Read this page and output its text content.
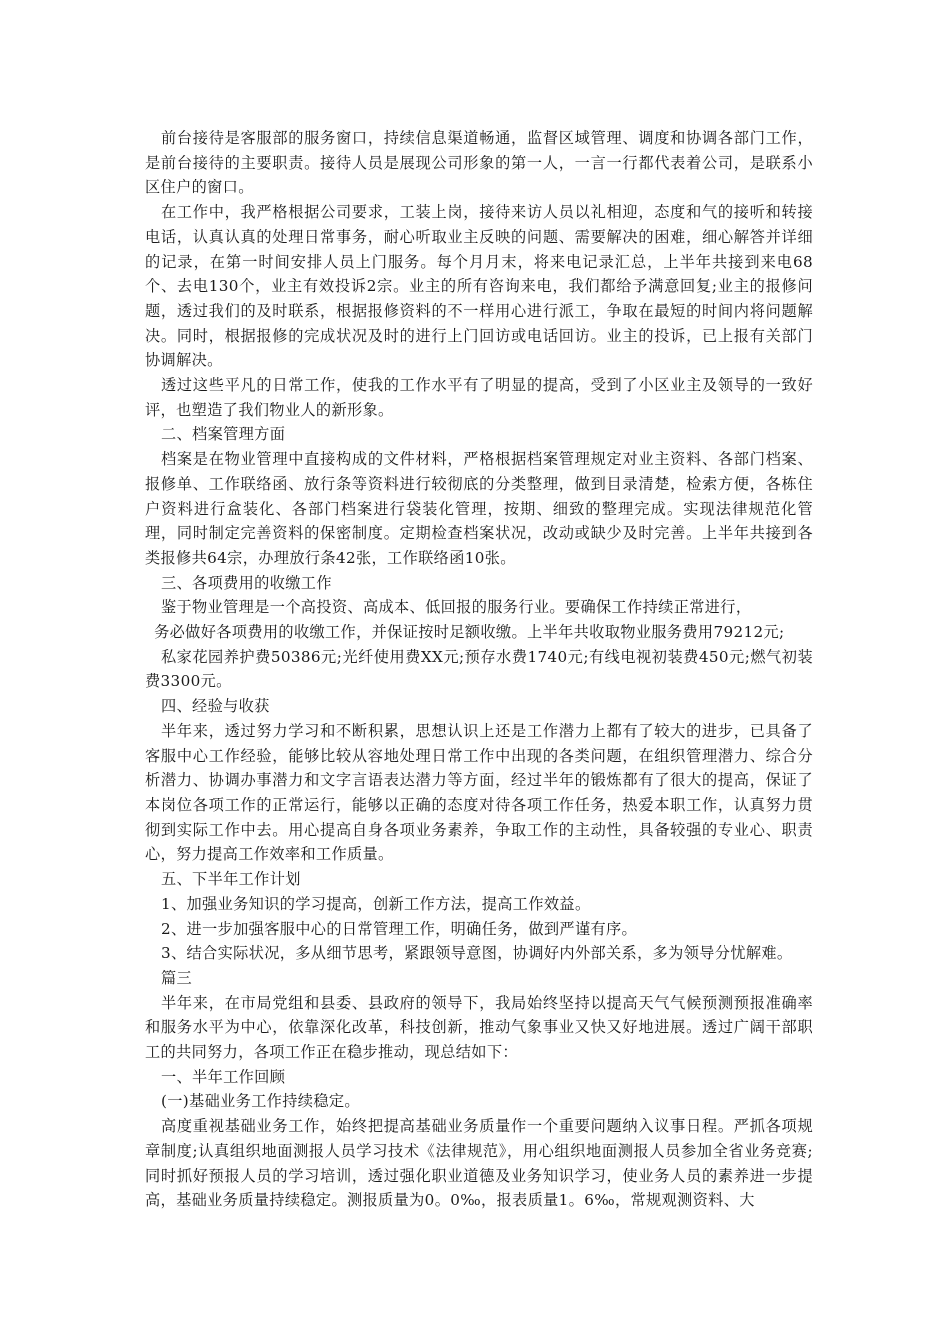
前台接待是客服部的服务窗口，持续信息渠道畅通，监督区域管理、调度和协调各部门工作，是前台接待的主要职责。接待人员是展现公司形象的第一人，一言一行都代表着公司，是联系小区住户的窗口。

在工作中，我严格根据公司要求，工装上岗，接待来访人员以礼相迎，态度和气的接听和转接电话，认真认真的处理日常事务，耐心听取业主反映的问题、需要解决的困难，细心解答并详细的记录，在第一时间安排人员上门服务。每个月月末，将来电记录汇总，上半年共接到来电68个、去电130个，业主有效投诉2宗。业主的所有咨询来电，我们都给予满意回复;业主的报修问题，透过我们的及时联系，根据报修资料的不一样用心进行派工，争取在最短的时间内将问题解决。同时，根据报修的完成状况及时的进行上门回访或电话回访。业主的投诉，已上报有关部门协调解决。

透过这些平凡的日常工作，使我的工作水平有了明显的提高，受到了小区业主及领导的一致好评，也塑造了我们物业人的新形象。

二、档案管理方面

档案是在物业管理中直接构成的文件材料，严格根据档案管理规定对业主资料、各部门档案、报修单、工作联络函、放行条等资料进行较彻底的分类整理，做到目录清楚，检索方便，各栋住户资料进行盒装化、各部门档案进行袋装化管理，按期、细致的整理完成。实现法律规范化管理，同时制定完善资料的保密制度。定期检查档案状况，改动或缺少及时完善。上半年共接到各类报修共64宗，办理放行条42张，工作联络函10张。

三、各项费用的收缴工作

鉴于物业管理是一个高投资、高成本、低回报的服务行业。要确保工作持续正常进行，

务必做好各项费用的收缴工作，并保证按时足额收缴。上半年共收取物业服务费用79212元;

私家花园养护费50386元;光纤使用费XX元;预存水费1740元;有线电视初装费450元;燃气初装费3300元。

四、经验与收获

半年来，透过努力学习和不断积累，思想认识上还是工作潜力上都有了较大的进步，已具备了客服中心工作经验，能够比较从容地处理日常工作中出现的各类问题，在组织管理潜力、综合分析潜力、协调办事潜力和文字言语表达潜力等方面，经过半年的锻炼都有了很大的提高，保证了本岗位各项工作的正常运行，能够以正确的态度对待各项工作任务，热爱本职工作，认真努力贯彻到实际工作中去。用心提高自身各项业务素养，争取工作的主动性，具备较强的专业心、职责心，努力提高工作效率和工作质量。

五、下半年工作计划

1、加强业务知识的学习提高，创新工作方法，提高工作效益。

2、进一步加强客服中心的日常管理工作，明确任务，做到严谨有序。

3、结合实际状况，多从细节思考，紧跟领导意图，协调好内外部关系，多为领导分忧解难。

篇三

半年来，在市局党组和县委、县政府的领导下，我局始终坚持以提高天气气候预测预报准确率和服务水平为中心，依靠深化改革，科技创新，推动气象事业又快又好地进展。透过广阔干部职工的共同努力，各项工作正在稳步推动，现总结如下：

一、半年工作回顾

(一)基础业务工作持续稳定。

高度重视基础业务工作，始终把提高基础业务质量作一个重要问题纳入议事日程。严抓各项规章制度;认真组织地面测报人员学习技术《法律规范》，用心组织地面测报人员参加全省业务竞赛;同时抓好预报人员的学习培训，透过强化职业道德及业务知识学习，使业务人员的素养进一步提高，基础业务质量持续稳定。测报质量为0。0‰，报表质量1。6‰，常规观测资料、大
